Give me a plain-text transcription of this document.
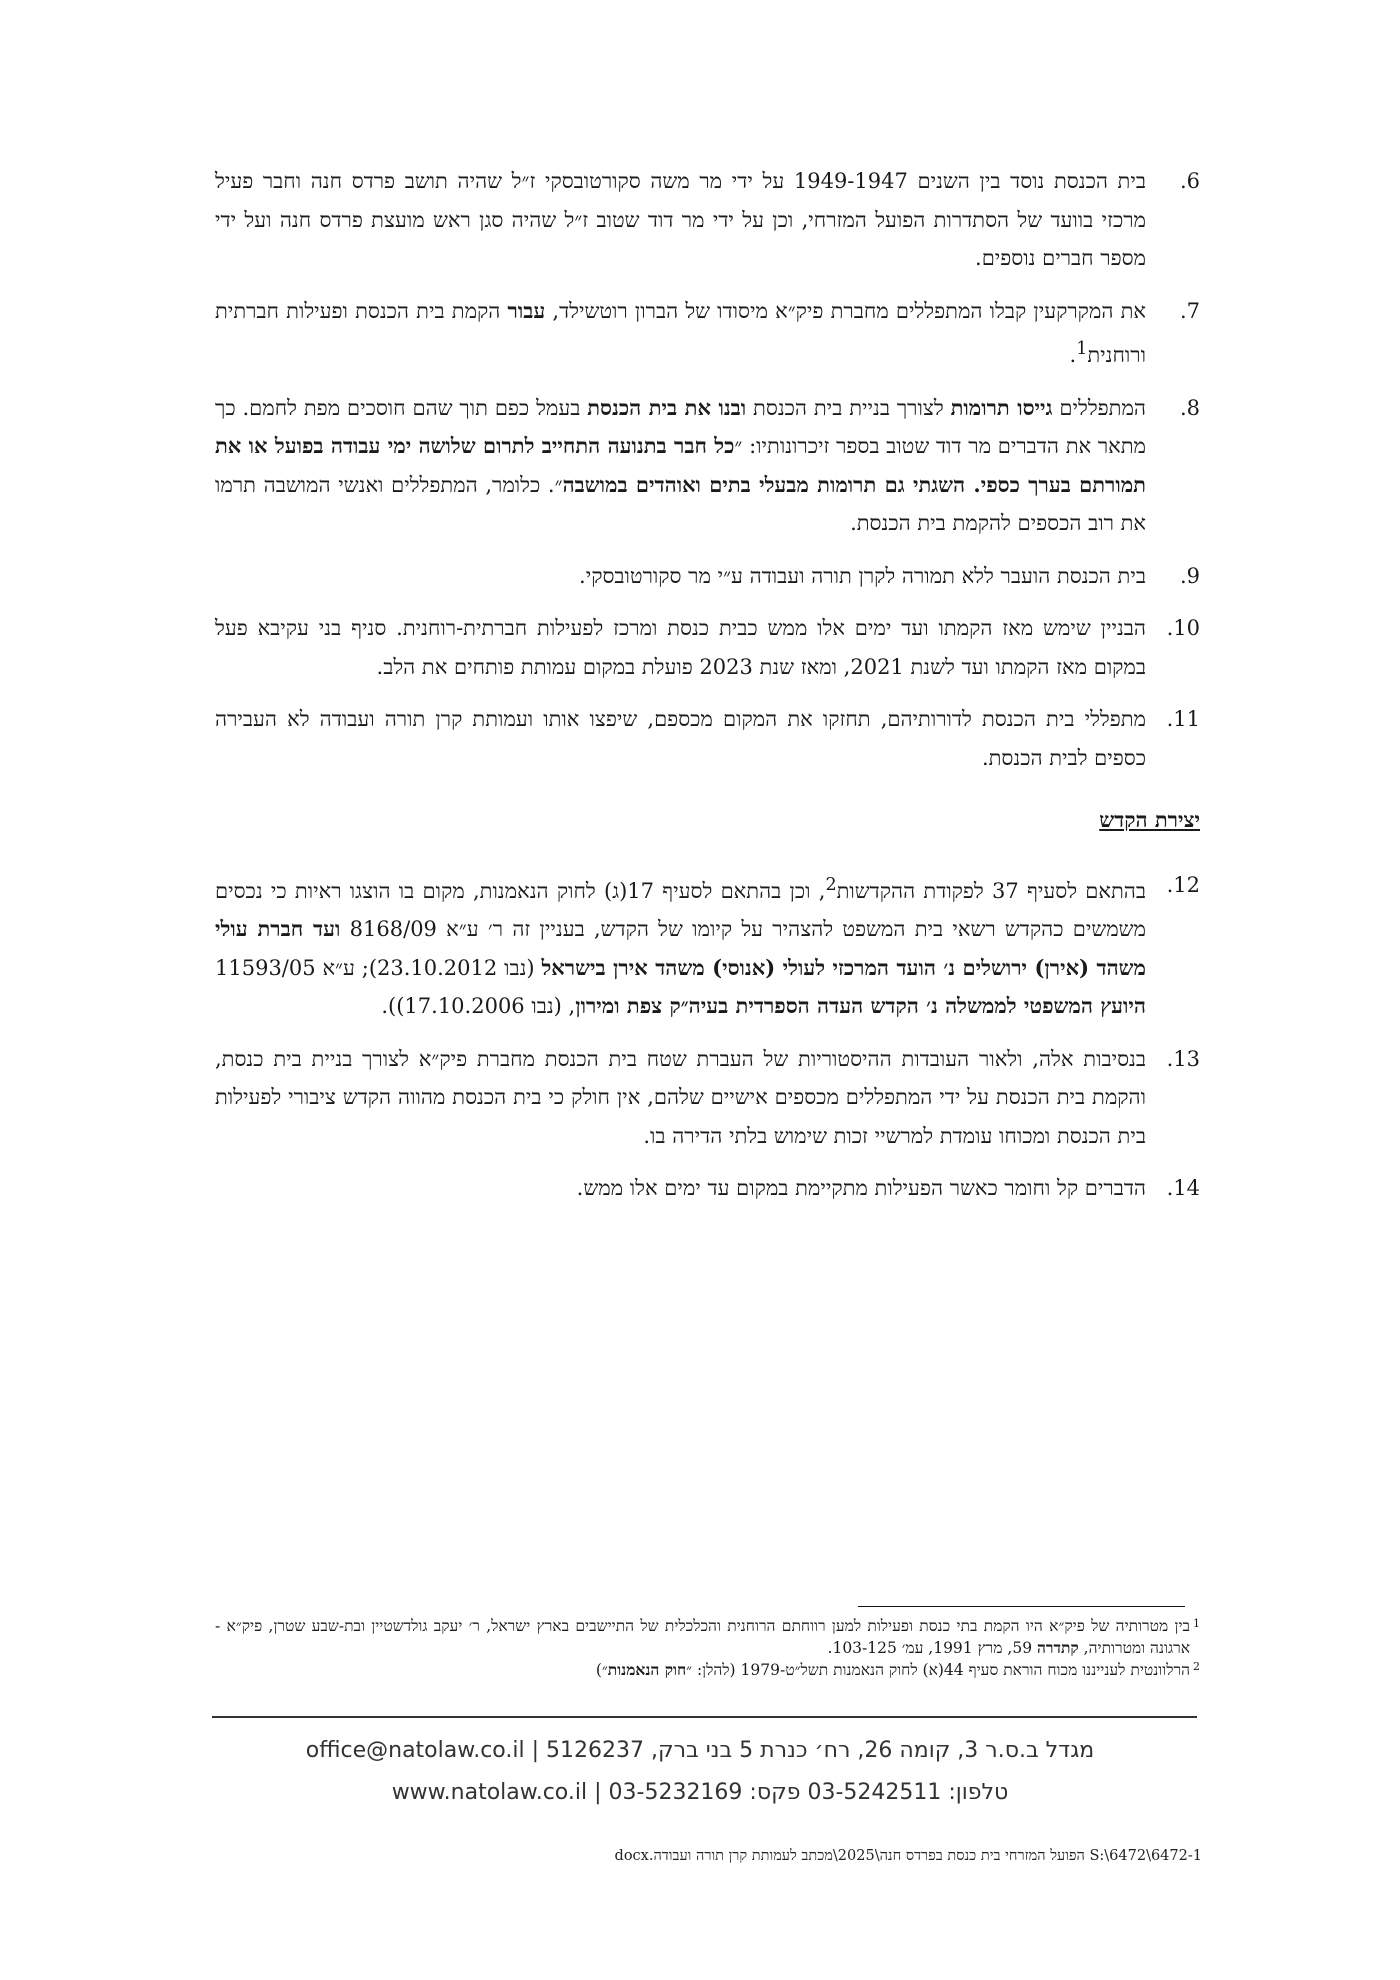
6.
בית הכנסת נוסד בין השנים 1949-1947 על ידי מר משה סקורטובסקי ז״ל שהיה תושב פרדס חנה וחבר פעיל מרכזי בוועד של הסתדרות הפועל המזרחי, וכן על ידי מר דוד שטוב ז״ל שהיה סגן ראש מועצת פרדס חנה ועל ידי מספר חברים נוספים.
7.
את המקרקעין קבלו המתפללים מחברת פיק״א מיסודו של הברון רוטשילד, עבור הקמת בית הכנסת ופעילות חברתית ורוחנית$^1$.
8.
המתפללים גייסו תרומות לצורך בניית בית הכנסת ובנו את בית הכנסת בעמל כפם תוך שהם חוסכים מפת לחמם. כך מתאר את הדברים מר דוד שטוב בספר זיכרונותיו: ״כל חבר בתנועה התחייב לתרום שלושה ימי עבודה בפועל או את תמורתם בערך כספי. השגתי גם תרומות מבעלי בתים ואוהדים במושבה״. כלומר, המתפללים ואנשי המושבה תרמו את רוב הכספים להקמת בית הכנסת.
9.
בית הכנסת הועבר ללא תמורה לקרן תורה ועבודה ע״י מר סקורטובסקי.
10.
הבניין שימש מאז הקמתו ועד ימים אלו ממש כבית כנסת ומרכז לפעילות חברתית-רוחנית. סניף בני עקיבא פעל במקום מאז הקמתו ועד לשנת 2021, ומאז שנת 2023 פועלת במקום עמותת פותחים את הלב.
11.
מתפללי בית הכנסת לדורותיהם, תחזקו את המקום מכספם, שיפצו אותו ועמותת קרן תורה ועבודה לא העבירה כספים לבית הכנסת.
יצירת הקדש
12.
בהתאם לסעיף 37 לפקודת ההקדשות$^2$, וכן בהתאם לסעיף 17(ג) לחוק הנאמנות, מקום בו הוצגו ראיות כי נכסים משמשים כהקדש רשאי בית המשפט להצהיר על קיומו של הקדש, בעניין זה ר׳ ע״א 8168/09 ועד חברת עולי משהד (אירן) ירושלים נ׳ הועד המרכזי לעולי (אנוסי) משהד אירן בישראל (נבו 23.10.2012); ע״א 11593/05 היועץ המשפטי לממשלה נ׳ הקדש העדה הספרדית בעיה״ק צפת ומירון, (נבו 17.10.2006)).
13.
בנסיבות אלה, ולאור העובדות ההיסטוריות של העברת שטח בית הכנסת מחברת פיק״א לצורך בניית בית כנסת, והקמת בית הכנסת על ידי המתפללים מכספים אישיים שלהם, אין חולק כי בית הכנסת מהווה הקדש ציבורי לפעילות בית הכנסת ומכוחו עומדת למרשיי זכות שימוש בלתי הדירה בו.
14.
הדברים קל וחומר כאשר הפעילות מתקיימת במקום עד ימים אלו ממש.

1
בין מטרותיה של פיק״א היו הקמת בתי כנסת ופעילות למען רווחתם הרוחנית והכלכלית של התיישבים בארץ ישראל, ר׳ יעקב גולדשטיין ובת-שבע שטרן, פיק״א - ארגונה ומטרותיה, קתדרה 59, מרץ 1991, עמ׳ 103-125.

2
הרלוונטית לענייננו מכוח הוראת סעיף 44(א) לחוק הנאמנות תשל״ט-1979 (להלן: ״חוק הנאמנות״)

מגדל ב.ס.ר 3, קומה 26, רח׳ כנרת 5 בני ברק, 5126237 | office@natolaw.co.il
טלפון: 03-5242511 פקס: 03-5232169 | www.natolaw.co.il
S:\6472\6472-1 הפועל המזרחי בית כנסת בפרדס חנה\2025\מכתב לעמותת קרן תורה ועבודה.docx
